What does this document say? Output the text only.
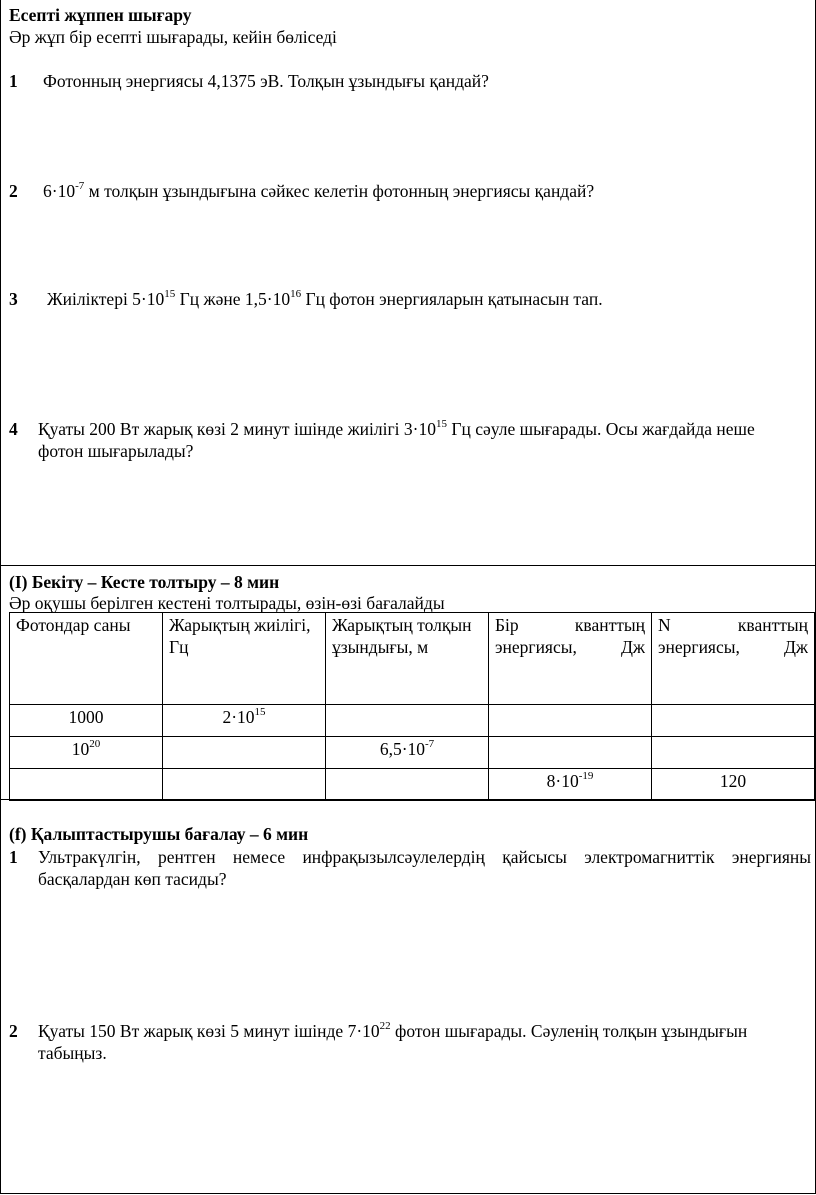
Есепті жұппен шығару
Әр жұп бір есепті шығарады, кейін бөліседі
1 Фотонның энергиясы 4,1375 эВ. Толқын ұзындығы қандай?
2 $6\cdot 10^{-7}$ м толқын ұзындығына сәйкес келетін фотонның энергиясы қандай?
3 Жиіліктері $5\cdot 10^{15}$ Гц және $1,5\cdot 10^{16}$ Гц фотон энергияларын қатынасын тап.
4 Қуаты 200 Вт жарық көзі 2 минут ішінде жиілігі $3\cdot 10^{15}$ Гц сәуле шығарады. Осы жағдайда неше
фотон шығарылады?
(I) Бекіту – Кесте толтыру – 8 мин
Әр оқушы берілген кестені толтырады, өзін-өзі бағалайды
Фотондар саны	Жарықтың жиілігі, Гц	Жарықтың толқын ұзындығы, м	Бір кванттың энергиясы, Дж	N кванттың энергиясы, Дж

1000	$2\cdot 10^{15}$			
$10^{20}$		$6,5\cdot 10^{-7}$		
			$8\cdot 10^{-19}$	120
(f) Қалыптастырушы бағалау – 6 мин
1 Ультракүлгін, рентген немесе инфрақызылсәулелердің қайсысы электромагниттік энергияны
басқалардан көп тасиды?
2 Қуаты 150 Вт жарық көзі 5 минут ішінде $7\cdot 10^{22}$ фотон шығарады. Сәуленің толқын ұзындығын
табыңыз.
